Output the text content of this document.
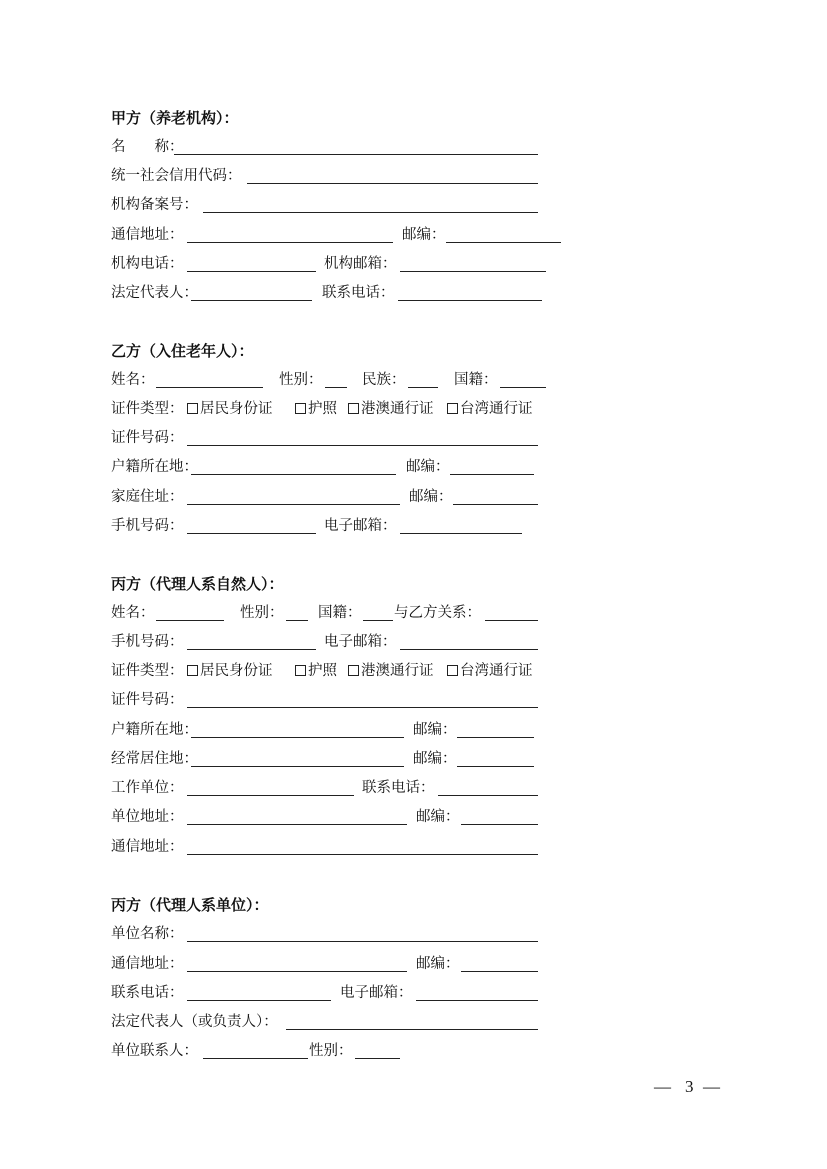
甲方（养老机构）：
名　　称：
统一社会信用代码：
机构备案号：
通信地址：	邮编：
机构电话：	机构邮箱：
法定代表人：	联系电话：
乙方（入住老年人）：
姓名：	性别：	民族：	国籍：
证件类型：	居民身份证	护照	港澳通行证	台湾通行证
证件号码：
户籍所在地：	邮编：
家庭住址：	邮编：
手机号码：	电子邮箱：
丙方（代理人系自然人）：
姓名：	性别： 国籍： 与乙方关系：
手机号码：	电子邮箱：
证件类型：	居民身份证	护照	港澳通行证	台湾通行证
证件号码：
户籍所在地：	邮编：
经常居住地：	邮编：
工作单位：	联系电话：
单位地址：	邮编：
通信地址：
丙方（代理人系单位）：
单位名称：
通信地址：	邮编：
联系电话：	电子邮箱：
法定代表人（或负责人）：
单位联系人：	性别：
— 3 —
